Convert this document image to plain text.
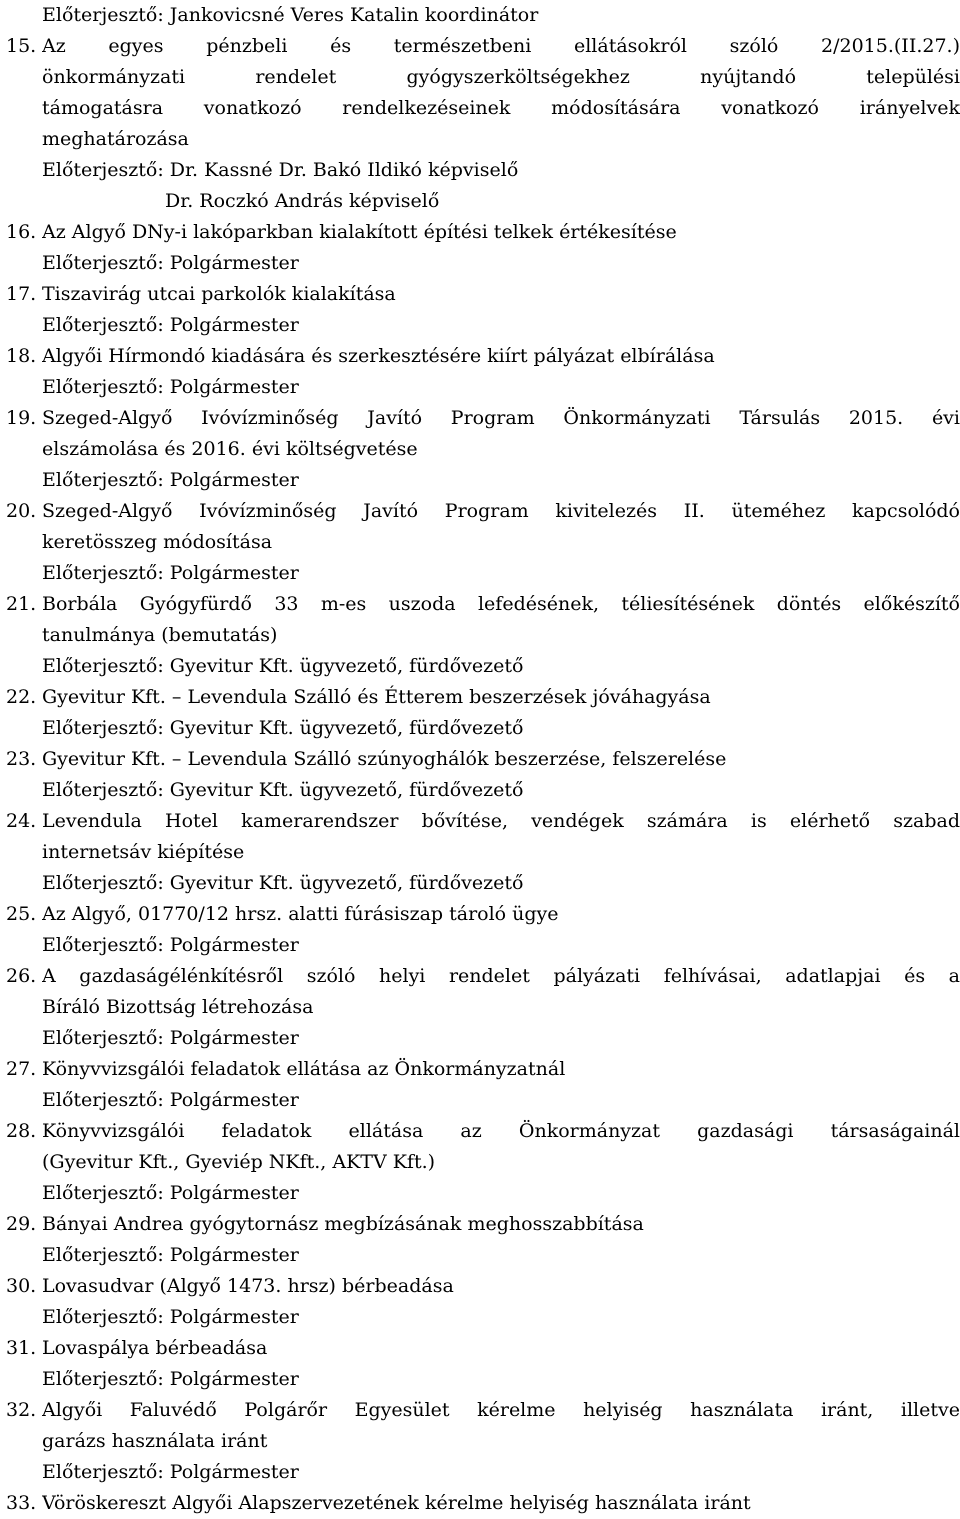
Előterjesztő: Jankovicsné Veres Katalin koordinátor
15. Az egyes pénzbeli és természetbeni ellátásokról szóló 2/2015.(II.27.)
önkormányzati rendelet gyógyszerköltségekhez nyújtandó települési
támogatásra vonatkozó rendelkezéseinek módosítására vonatkozó irányelvek
meghatározása
Előterjesztő: Dr. Kassné Dr. Bakó Ildikó képviselő
Dr. Roczkó András képviselő
16. Az Algyő DNy-i lakóparkban kialakított építési telkek értékesítése
Előterjesztő: Polgármester
17. Tiszavirág utcai parkolók kialakítása
Előterjesztő: Polgármester
18. Algyői Hírmondó kiadására és szerkesztésére kiírt pályázat elbírálása
Előterjesztő: Polgármester
19. Szeged-Algyő Ivóvízminőség Javító Program Önkormányzati Társulás 2015. évi
elszámolása és 2016. évi költségvetése
Előterjesztő: Polgármester
20. Szeged-Algyő Ivóvízminőség Javító Program kivitelezés II. üteméhez kapcsolódó
keretösszeg módosítása
Előterjesztő: Polgármester
21. Borbála Gyógyfürdő 33 m-es uszoda lefedésének, téliesítésének döntés előkészítő
tanulmánya (bemutatás)
Előterjesztő: Gyevitur Kft. ügyvezető, fürdővezető
22. Gyevitur Kft. – Levendula Szálló és Étterem beszerzések jóváhagyása
Előterjesztő: Gyevitur Kft. ügyvezető, fürdővezető
23. Gyevitur Kft. – Levendula Szálló szúnyoghálók beszerzése, felszerelése
Előterjesztő: Gyevitur Kft. ügyvezető, fürdővezető
24. Levendula Hotel kamerarendszer bővítése, vendégek számára is elérhető szabad
internetsáv kiépítése
Előterjesztő: Gyevitur Kft. ügyvezető, fürdővezető
25. Az Algyő, 01770/12 hrsz. alatti fúrásiszap tároló ügye
Előterjesztő: Polgármester
26. A gazdaságélénkítésről szóló helyi rendelet pályázati felhívásai, adatlapjai és a
Bíráló Bizottság létrehozása
Előterjesztő: Polgármester
27. Könyvvizsgálói feladatok ellátása az Önkormányzatnál
Előterjesztő: Polgármester
28. Könyvvizsgálói feladatok ellátása az Önkormányzat gazdasági társaságainál
(Gyevitur Kft., Gyeviép NKft., AKTV Kft.)
Előterjesztő: Polgármester
29. Bányai Andrea gyógytornász megbízásának meghosszabbítása
Előterjesztő: Polgármester
30. Lovasudvar (Algyő 1473. hrsz) bérbeadása
Előterjesztő: Polgármester
31. Lovaspálya bérbeadása
Előterjesztő: Polgármester
32. Algyői Faluvédő Polgárőr Egyesület kérelme helyiség használata iránt, illetve
garázs használata iránt
Előterjesztő: Polgármester
33. Vöröskereszt Algyői Alapszervezetének kérelme helyiség használata iránt
